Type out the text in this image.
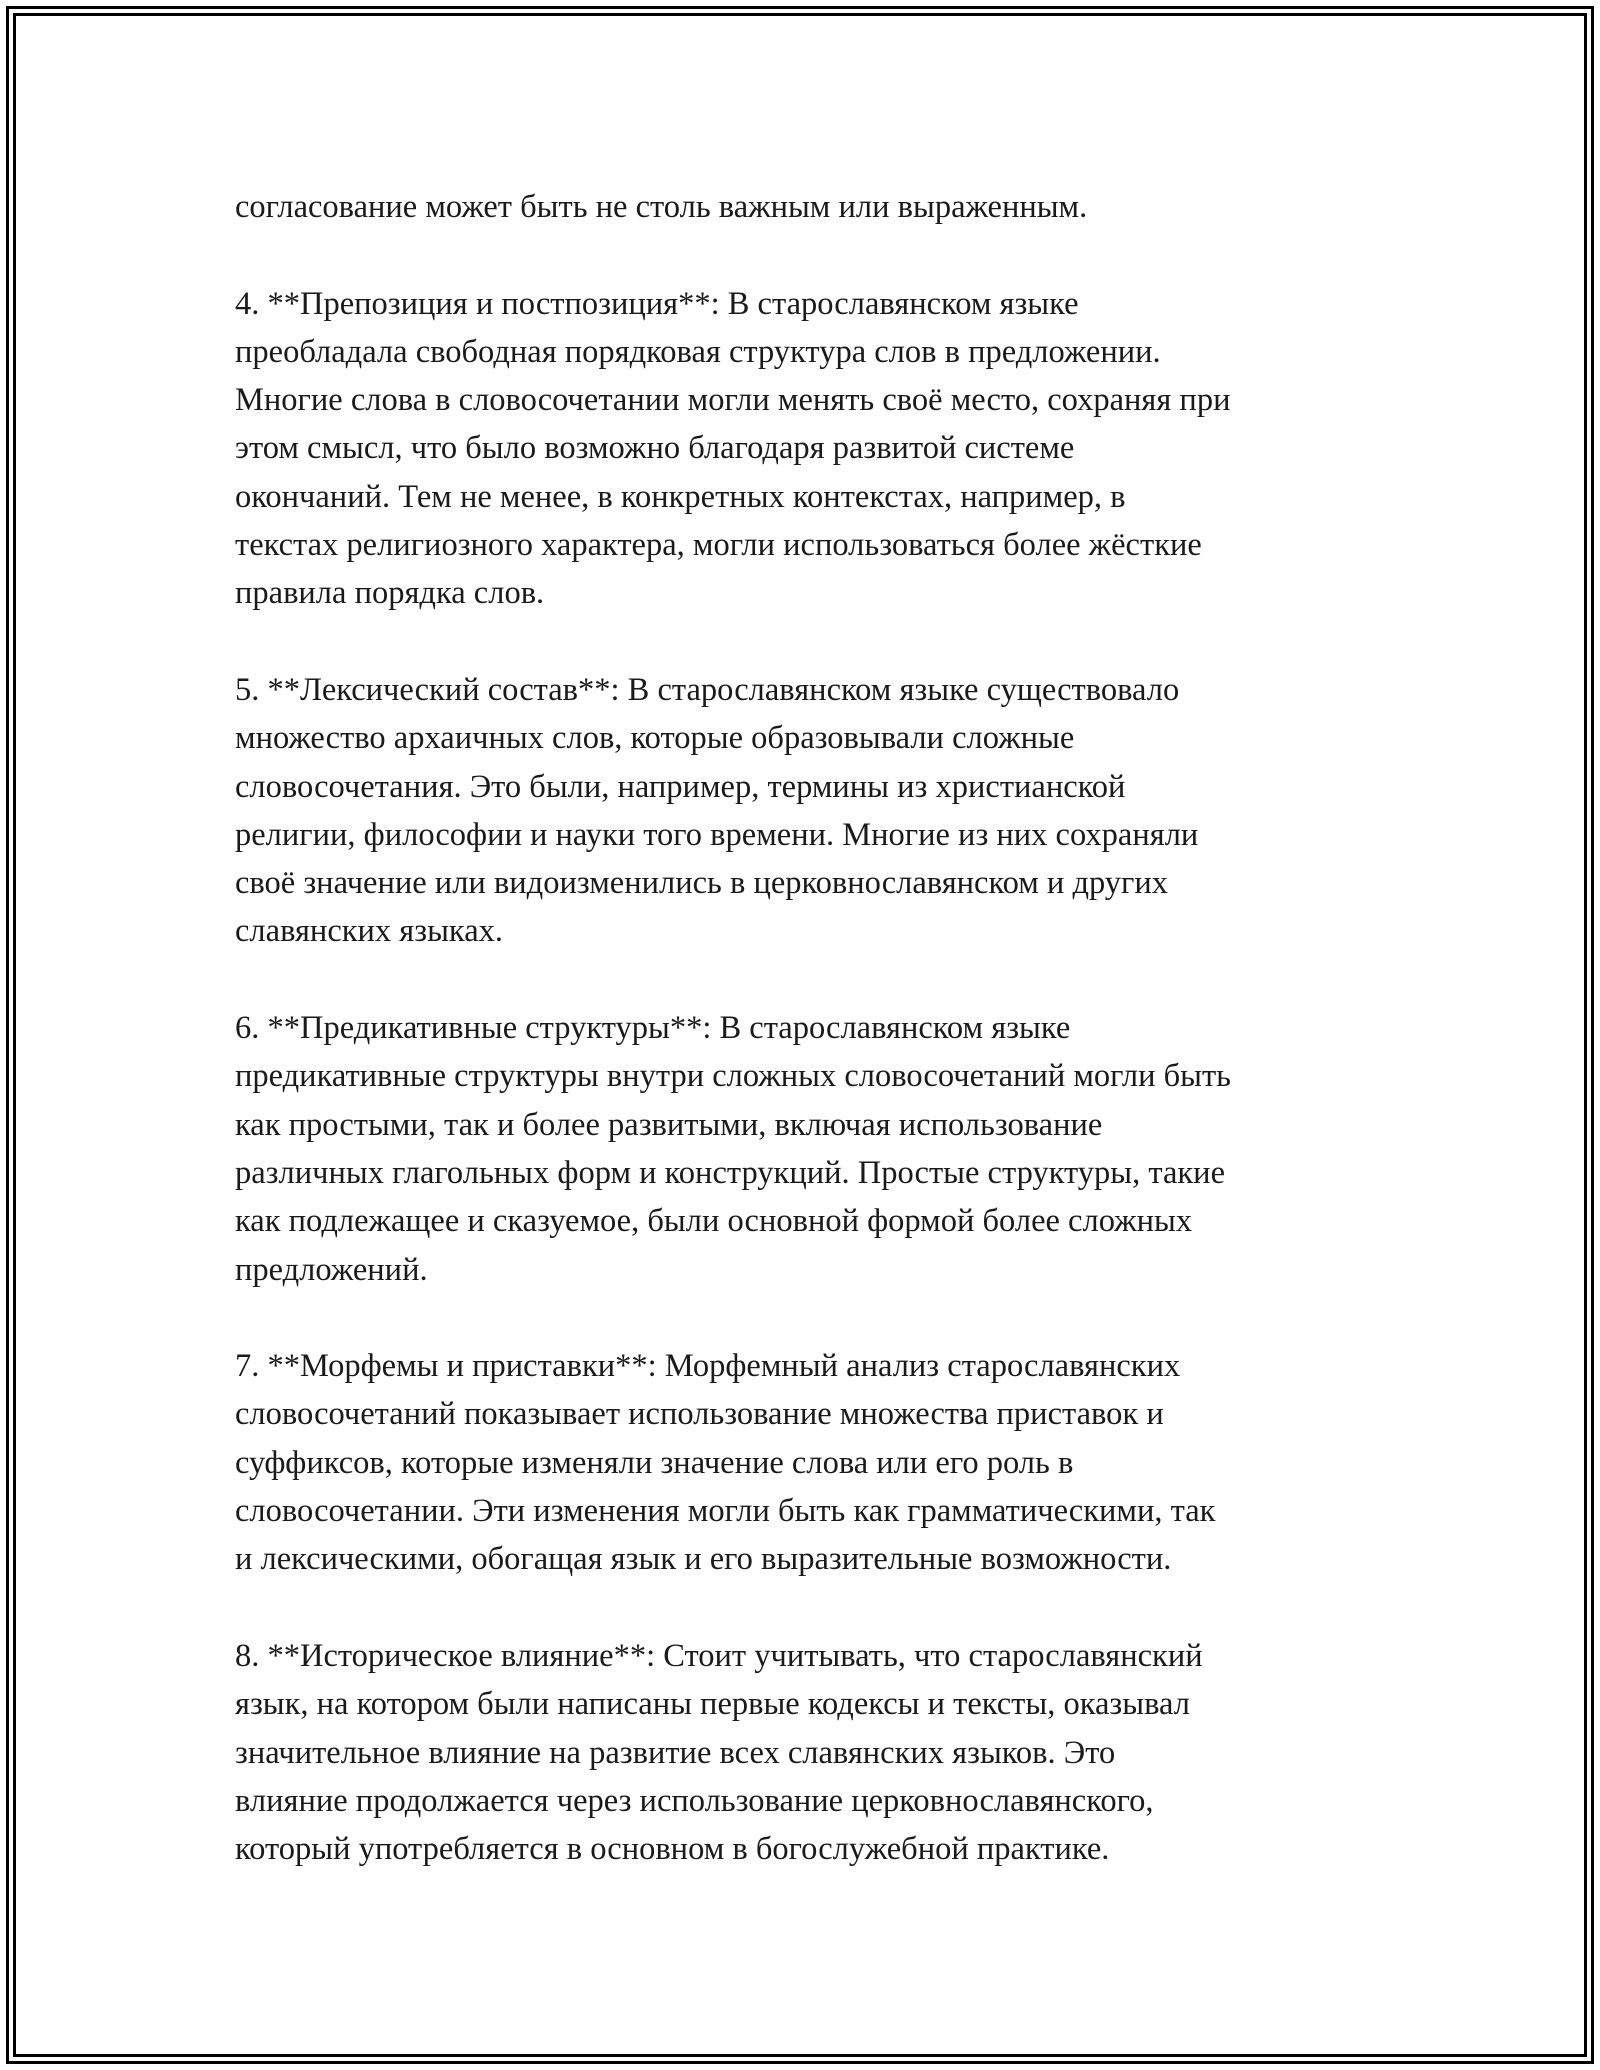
согласование может быть не столь важным или выраженным.

4. **Препозиция и постпозиция**: В старославянском языке
преобладала свободная порядковая структура слов в предложении.
Многие слова в словосочетании могли менять своё место, сохраняя при
этом смысл, что было возможно благодаря развитой системе
окончаний. Тем не менее, в конкретных контекстах, например, в
текстах религиозного характера, могли использоваться более жёсткие
правила порядка слов.

5. **Лексический состав**: В старославянском языке существовало
множество архаичных слов, которые образовывали сложные
словосочетания. Это были, например, термины из христианской
религии, философии и науки того времени. Многие из них сохраняли
своё значение или видоизменились в церковнославянском и других
славянских языках.

6. **Предикативные структуры**: В старославянском языке
предикативные структуры внутри сложных словосочетаний могли быть
как простыми, так и более развитыми, включая использование
различных глагольных форм и конструкций. Простые структуры, такие
как подлежащее и сказуемое, были основной формой более сложных
предложений.

7. **Морфемы и приставки**: Морфемный анализ старославянских
словосочетаний показывает использование множества приставок и
суффиксов, которые изменяли значение слова или его роль в
словосочетании. Эти изменения могли быть как грамматическими, так
и лексическими, обогащая язык и его выразительные возможности.

8. **Историческое влияние**: Стоит учитывать, что старославянский
язык, на котором были написаны первые кодексы и тексты, оказывал
значительное влияние на развитие всех славянских языков. Это
влияние продолжается через использование церковнославянского,
который употребляется в основном в богослужебной практике.
